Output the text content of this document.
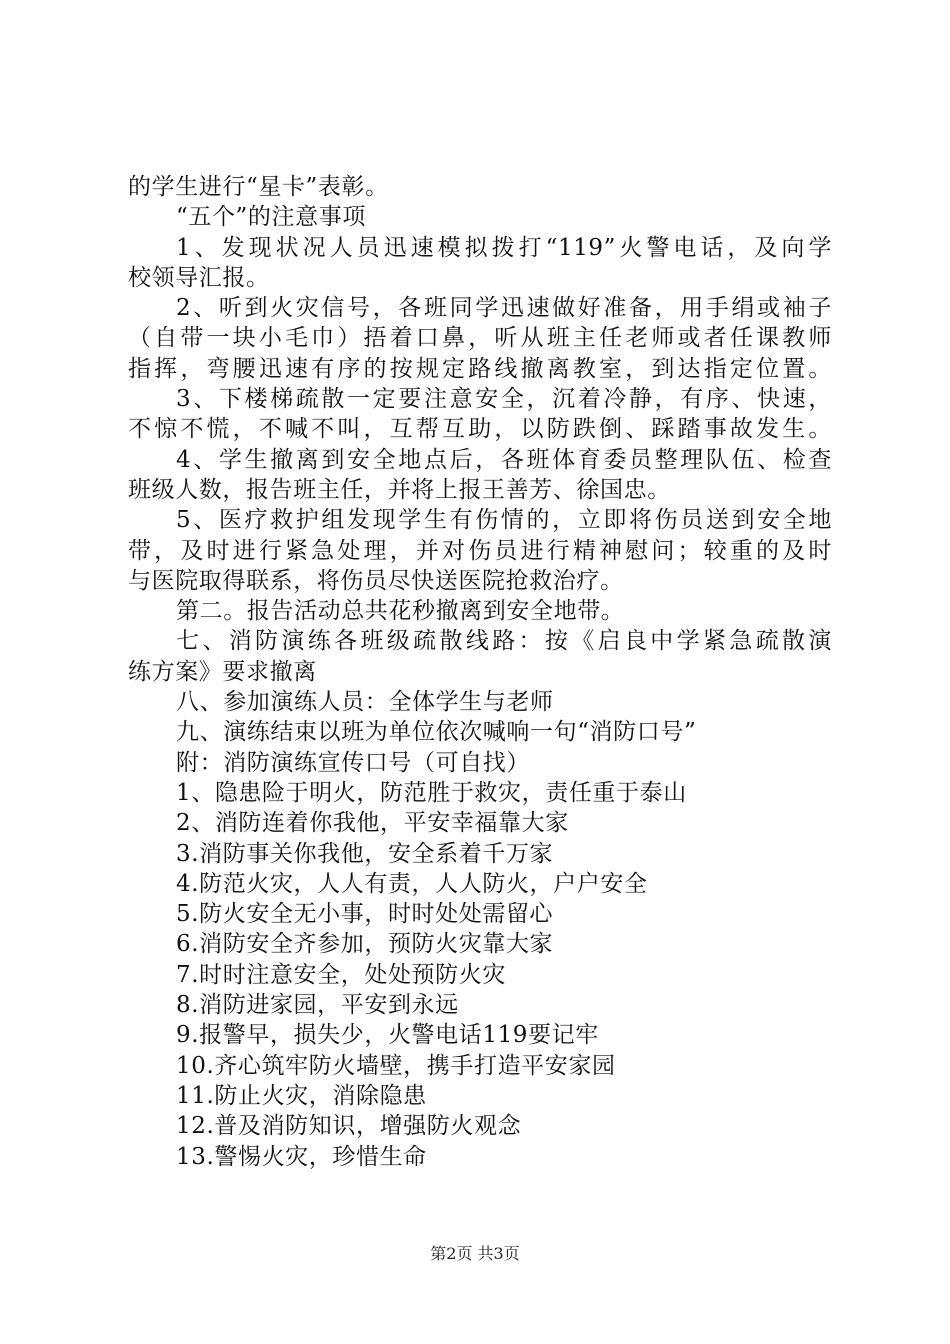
的学生进行“星卡”表彰。
“五个”的注意事项
1、发现状况人员迅速模拟拨打“119”火警电话，及向学
校领导汇报。
2、听到火灾信号，各班同学迅速做好准备，用手绢或袖子
（自带一块小毛巾）捂着口鼻，听从班主任老师或者任课教师
指挥，弯腰迅速有序的按规定路线撤离教室，到达指定位置。
3、下楼梯疏散一定要注意安全，沉着冷静，有序、快速，
不惊不慌，不喊不叫，互帮互助，以防跌倒、踩踏事故发生。
4、学生撤离到安全地点后，各班体育委员整理队伍、检查
班级人数，报告班主任，并将上报王善芳、徐国忠。
5、医疗救护组发现学生有伤情的，立即将伤员送到安全地
带，及时进行紧急处理，并对伤员进行精神慰问；较重的及时
与医院取得联系，将伤员尽快送医院抢救治疗。
第二。报告活动总共花秒撤离到安全地带。
七、消防演练各班级疏散线路：按《启良中学紧急疏散演
练方案》要求撤离
八、参加演练人员：全体学生与老师
九、演练结束以班为单位依次喊响一句“消防口号”
附：消防演练宣传口号（可自找）
1、隐患险于明火，防范胜于救灾，责任重于泰山
2、消防连着你我他，平安幸福靠大家
3.消防事关你我他，安全系着千万家
4.防范火灾，人人有责，人人防火，户户安全
5.防火安全无小事，时时处处需留心
6.消防安全齐参加，预防火灾靠大家
7.时时注意安全，处处预防火灾
8.消防进家园，平安到永远
9.报警早，损失少，火警电话119要记牢
10.齐心筑牢防火墙壁，携手打造平安家园
11.防止火灾，消除隐患
12.普及消防知识，增强防火观念
13.警惕火灾，珍惜生命
第2页 共3页
